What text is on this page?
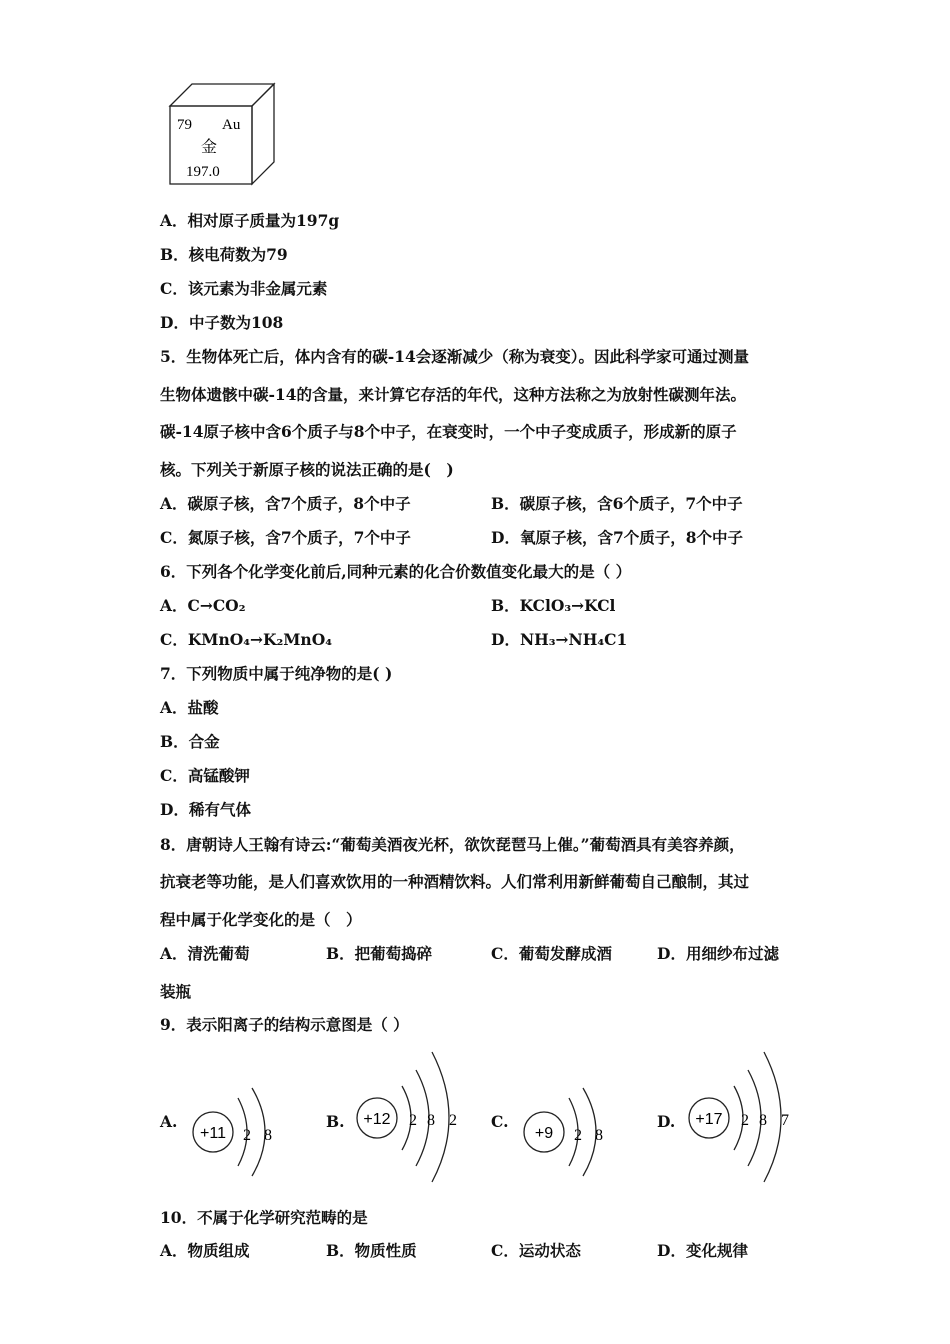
79 Au
金
197.0
A．相对原子质量为197g
B．核电荷数为79
C．该元素为非金属元素
D．中子数为108
5．生物体死亡后，体内含有的碳-14会逐渐减少（称为衰变）。因此科学家可通过测量
生物体遗骸中碳-14的含量，来计算它存活的年代，这种方法称之为放射性碳测年法。
碳-14原子核中含6个质子与8个中子，在衰变时，一个中子变成质子，形成新的原子
核。下列关于新原子核的说法正确的是(　)
A．碳原子核，含7个质子，8个中子	B．碳原子核，含6个质子，7个中子
C．氮原子核，含7个质子，7个中子	D．氧原子核，含7个质子，8个中子
6．下列各个化学变化前后,同种元素的化合价数值变化最大的是（ ）
A．C→CO₂	B．KClO₃→KCl
C．KMnO₄→K₂MnO₄	D．NH₃→NH₄C1
7．下列物质中属于纯净物的是( )
A．盐酸
B．合金
C．高锰酸钾
D．稀有气体
8．唐朝诗人王翰有诗云:“葡萄美酒夜光杯，欲饮琵琶马上催。”葡萄酒具有美容养颜，
抗衰老等功能，是人们喜欢饮用的一种酒精饮料。人们常利用新鲜葡萄自己酿制，其过
程中属于化学变化的是（　）
A．清洗葡萄	B．把葡萄捣碎	C．葡萄发酵成酒	D．用细纱布过滤
装瓶
9．表示阳离子的结构示意图是（ ）
A.
+11 2 8
B. +12 2 8 2 C.
+9 2 8
D. +17 2 8 7
10．不属于化学研究范畴的是
A．物质组成	B．物质性质	C．运动状态	D．变化规律
